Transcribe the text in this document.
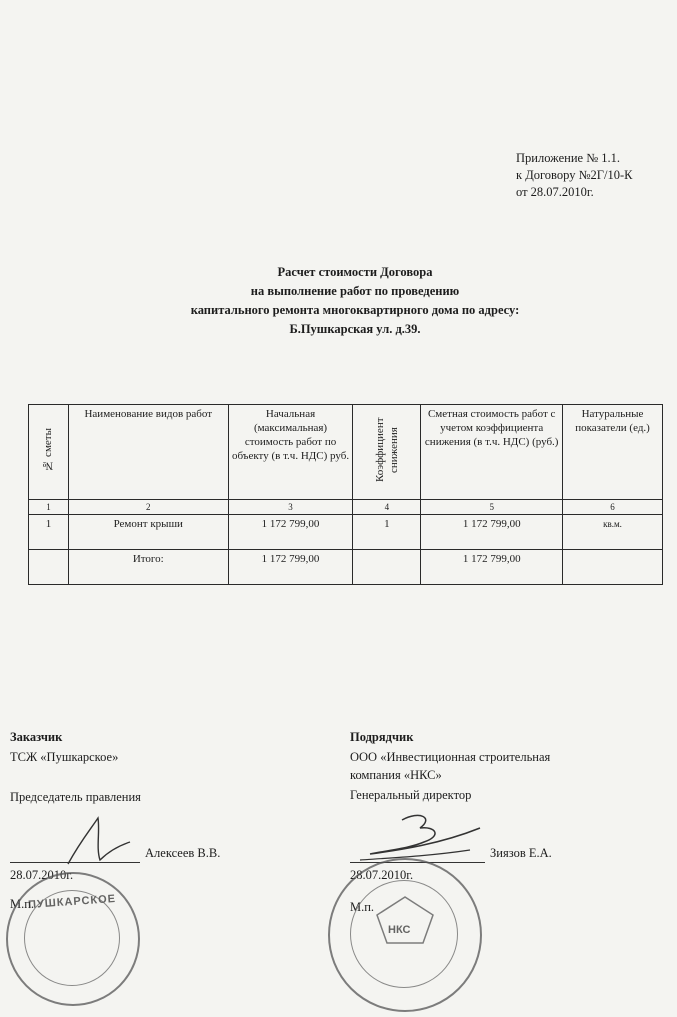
Приложение № 1.1.
к Договору №2Г/10-К
от 28.07.2010г.
Расчет стоимости Договора
на выполнение работ по проведению
капитального ремонта многоквартирного дома по адресу:
Б.Пушкарская ул. д.39.
№ сметы	Наименование видов работ	Начальная (максимальная) стоимость работ по объекту (в т.ч. НДС) руб.	Коэффициент снижения	Сметная стоимость работ с учетом коэффициента снижения (в т.ч. НДС) (руб.)	Натуральные показатели (ед.)
1	2	3	4	5	6
1	Ремонт крыши	1 172 799,00	1	1 172 799,00	кв.м.
	Итого:	1 172 799,00		1 172 799,00	
Заказчик
ТСЖ «Пушкарское»
Председатель правления
Алексеев В.В.
28.07.2010г.
М.п.
ПУШКАРСКОЕ
Подрядчик
ООО «Инвестиционная строительная
компания «НКС»
Генеральный директор
Зиязов Е.А.
28.07.2010г.
М.п.
НКС
